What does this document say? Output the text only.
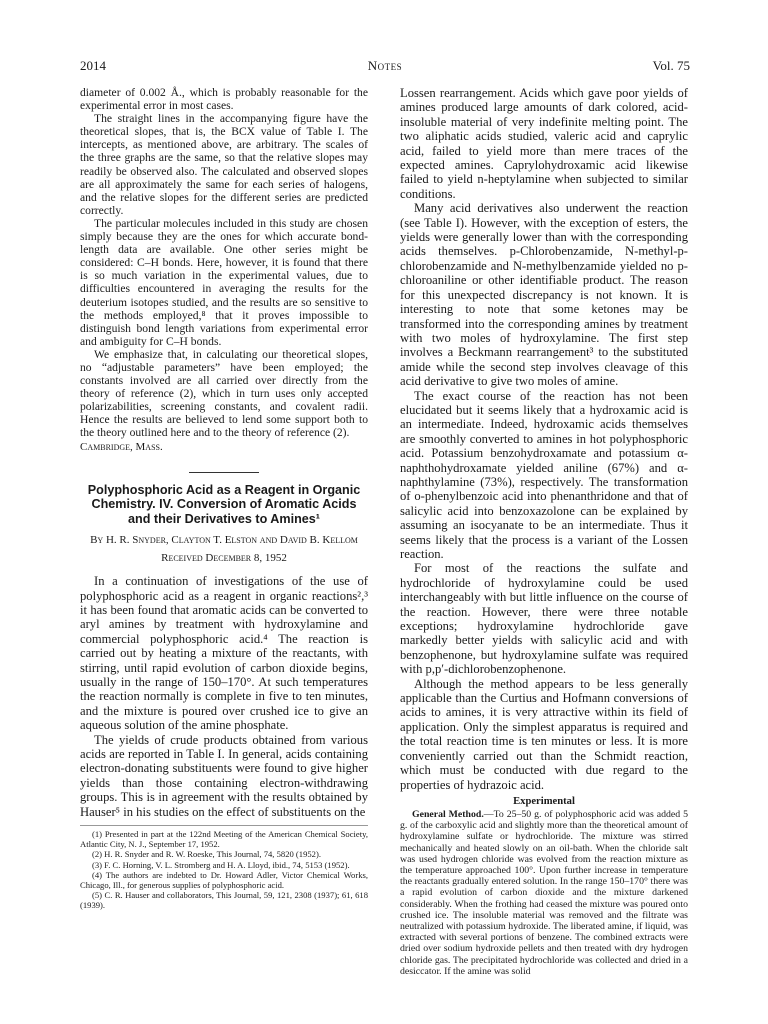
2014	Notes	Vol. 75

diameter of 0.002 Å., which is probably reasonable for the experimental error in most cases.

The straight lines in the accompanying figure have the theoretical slopes, that is, the BCX value of Table I. The intercepts, as mentioned above, are arbitrary. The scales of the three graphs are the same, so that the relative slopes may readily be observed also. The calculated and observed slopes are all approximately the same for each series of halogens, and the relative slopes for the different series are predicted correctly.

The particular molecules included in this study are chosen simply because they are the ones for which accurate bond-length data are available. One other series might be considered: C–H bonds. Here, however, it is found that there is so much variation in the experimental values, due to difficulties encountered in averaging the results for the deuterium isotopes studied, and the results are so sensitive to the methods employed,⁸ that it proves impossible to distinguish bond length variations from experimental error and ambiguity for C–H bonds.

We emphasize that, in calculating our theoretical slopes, no “adjustable parameters” have been employed; the constants involved are all carried over directly from the theory of reference (2), which in turn uses only accepted polarizabilities, screening constants, and covalent radii. Hence the results are believed to lend some support both to the theory outlined here and to the theory of reference (2).

Cambridge, Mass.

Polyphosphoric Acid as a Reagent in Organic Chemistry. IV. Conversion of Aromatic Acids and their Derivatives to Amines¹
By H. R. Snyder, Clayton T. Elston and David B. Kellom
Received December 8, 1952

In a continuation of investigations of the use of polyphosphoric acid as a reagent in organic reactions²,³ it has been found that aromatic acids can be converted to aryl amines by treatment with hydroxylamine and commercial polyphosphoric acid.⁴ The reaction is carried out by heating a mixture of the reactants, with stirring, until rapid evolution of carbon dioxide begins, usually in the range of 150–170°. At such temperatures the reaction normally is complete in five to ten minutes, and the mixture is poured over crushed ice to give an aqueous solution of the amine phosphate.

The yields of crude products obtained from various acids are reported in Table I. In general, acids containing electron-donating substituents were found to give higher yields than those containing electron-withdrawing groups. This is in agreement with the results obtained by Hauser⁵ in his studies on the effect of substituents on the

(1) Presented in part at the 122nd Meeting of the American Chemical Society, Atlantic City, N. J., September 17, 1952.
(2) H. R. Snyder and R. W. Roeske, This Journal, 74, 5820 (1952).
(3) F. C. Horning, V. L. Stromberg and H. A. Lloyd, ibid., 74, 5153 (1952).
(4) The authors are indebted to Dr. Howard Adler, Victor Chemical Works, Chicago, Ill., for generous supplies of polyphosphoric acid.
(5) C. R. Hauser and collaborators, This Journal, 59, 121, 2308 (1937); 61, 618 (1939).

Lossen rearrangement. Acids which gave poor yields of amines produced large amounts of dark colored, acid-insoluble material of very indefinite melting point. The two aliphatic acids studied, valeric acid and caprylic acid, failed to yield more than mere traces of the expected amines. Caprylohydroxamic acid likewise failed to yield n-heptylamine when subjected to similar conditions.

Many acid derivatives also underwent the reaction (see Table I). However, with the exception of esters, the yields were generally lower than with the corresponding acids themselves. p-Chlorobenzamide, N-methyl-p-chlorobenzamide and N-methylbenzamide yielded no p-chloroaniline or other identifiable product. The reason for this unexpected discrepancy is not known. It is interesting to note that some ketones may be transformed into the corresponding amines by treatment with two moles of hydroxylamine. The first step involves a Beckmann rearrangement³ to the substituted amide while the second step involves cleavage of this acid derivative to give two moles of amine.

The exact course of the reaction has not been elucidated but it seems likely that a hydroxamic acid is an intermediate. Indeed, hydroxamic acids themselves are smoothly converted to amines in hot polyphosphoric acid. Potassium benzohydroxamate and potassium α-naphthohydroxamate yielded aniline (67%) and α-naphthylamine (73%), respectively. The transformation of o-phenylbenzoic acid into phenanthridone and that of salicylic acid into benzoxazolone can be explained by assuming an isocyanate to be an intermediate. Thus it seems likely that the process is a variant of the Lossen reaction.

For most of the reactions the sulfate and hydrochloride of hydroxylamine could be used interchangeably with but little influence on the course of the reaction. However, there were three notable exceptions; hydroxylamine hydrochloride gave markedly better yields with salicylic acid and with benzophenone, but hydroxylamine sulfate was required with p,p′-dichlorobenzophenone.

Although the method appears to be less generally applicable than the Curtius and Hofmann conversions of acids to amines, it is very attractive within its field of application. Only the simplest apparatus is required and the total reaction time is ten minutes or less. It is more conveniently carried out than the Schmidt reaction, which must be conducted with due regard to the properties of hydrazoic acid.

Experimental

General Method.—To 25–50 g. of polyphosphoric acid was added 5 g. of the carboxylic acid and slightly more than the theoretical amount of hydroxylamine sulfate or hydrochloride. The mixture was stirred mechanically and heated slowly on an oil-bath. When the chloride salt was used hydrogen chloride was evolved from the reaction mixture as the temperature approached 100°. Upon further increase in temperature the reactants gradually entered solution. In the range 150–170° there was a rapid evolution of carbon dioxide and the mixture darkened considerably. When the frothing had ceased the mixture was poured onto crushed ice. The insoluble material was removed and the filtrate was neutralized with potassium hydroxide. The liberated amine, if liquid, was extracted with several portions of benzene. The combined extracts were dried over sodium hydroxide pellets and then treated with dry hydrogen chloride gas. The precipitated hydrochloride was collected and dried in a desiccator. If the amine was solid
